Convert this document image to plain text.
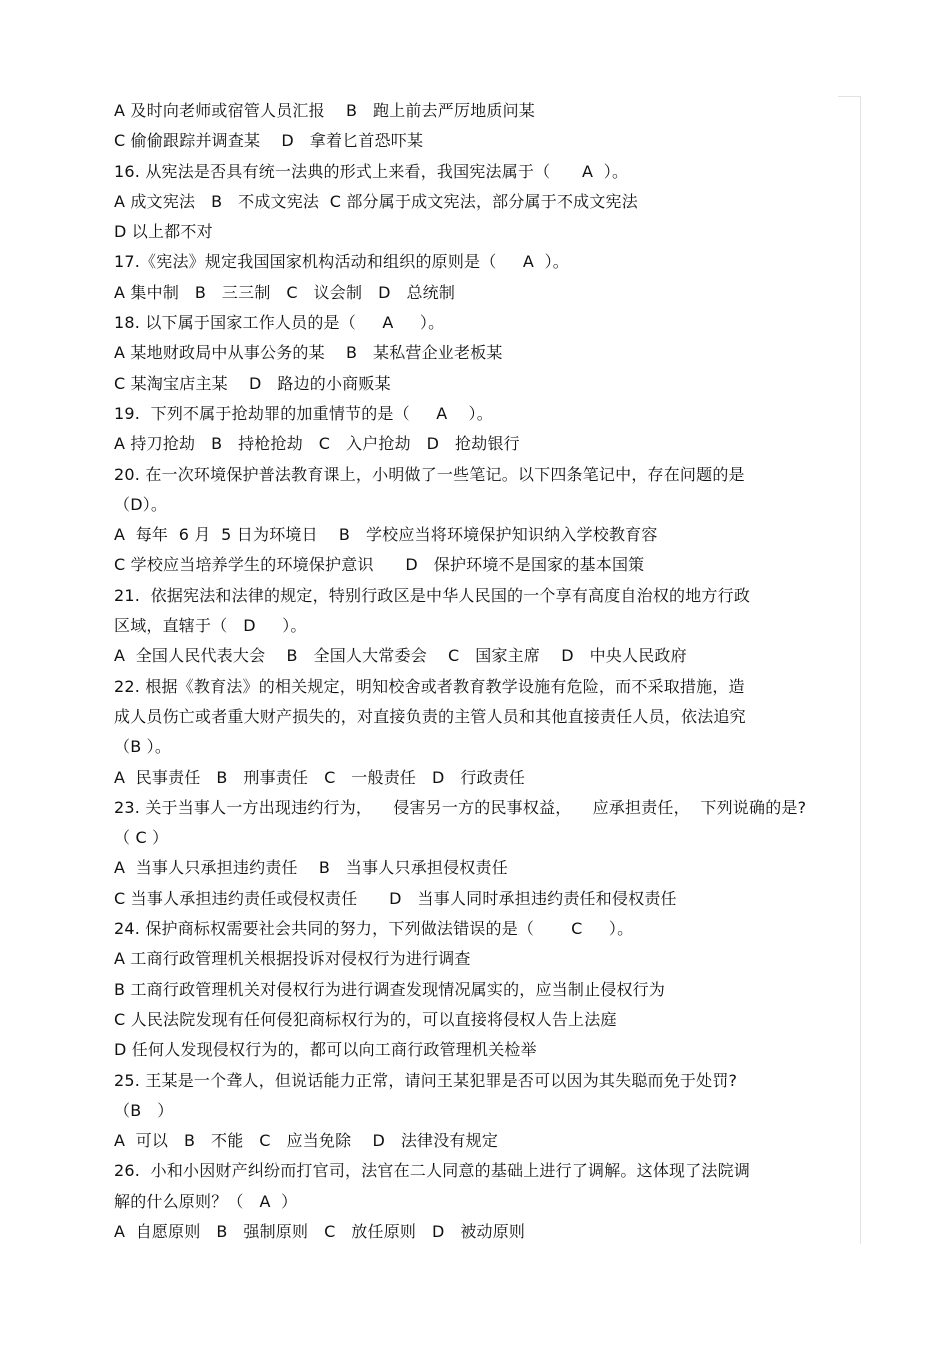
A 及时向老师或宿管人员汇报    B   跑上前去严厉地质问某
C 偷偷跟踪并调查某    D   拿着匕首恐吓某
16. 从宪法是否具有统一法典的形式上来看，我国宪法属于（      A  ）。
A 成文宪法   B   不成文宪法  C 部分属于成文宪法，部分属于不成文宪法
D 以上都不对
17.《宪法》规定我国国家机构活动和组织的原则是（     A  ）。
A 集中制   B   三三制   C   议会制   D   总统制
18. 以下属于国家工作人员的是（     A     ）。
A 某地财政局中从事公务的某    B   某私营企业老板某
C 某淘宝店主某    D   路边的小商贩某
19.  下列不属于抢劫罪的加重情节的是（     A    ）。
A 持刀抢劫   B   持枪抢劫   C   入户抢劫   D   抢劫银行
20. 在一次环境保护普法教育课上，小明做了一些笔记。以下四条笔记中，存在问题的是
（D）。
A  每年  6 月  5 日为环境日    B   学校应当将环境保护知识纳入学校教育容
C 学校应当培养学生的环境保护意识      D   保护环境不是国家的基本国策
21.  依据宪法和法律的规定，特别行政区是中华人民国的一个享有高度自治权的地方行政
区域，直辖于（   D     ）。
A  全国人民代表大会    B   全国人大常委会    C   国家主席    D   中央人民政府
22. 根据《教育法》的相关规定，明知校舍或者教育教学设施有危险，而不采取措施，造
成人员伤亡或者重大财产损失的，对直接负责的主管人员和其他直接责任人员，依法追究
（B ）。
A  民事责任   B   刑事责任   C   一般责任   D   行政责任
23. 关于当事人一方出现违约行为，    侵害另一方的民事权益，    应承担责任，  下列说确的是?
（ C ）
A  当事人只承担违约责任    B   当事人只承担侵权责任
C 当事人承担违约责任或侵权责任      D   当事人同时承担违约责任和侵权责任
24. 保护商标权需要社会共同的努力，下列做法错误的是（       C     ）。
A 工商行政管理机关根据投诉对侵权行为进行调查
B 工商行政管理机关对侵权行为进行调查发现情况属实的，应当制止侵权行为
C 人民法院发现有任何侵犯商标权行为的，可以直接将侵权人告上法庭
D 任何人发现侵权行为的，都可以向工商行政管理机关检举
25. 王某是一个聋人，但说话能力正常，请问王某犯罪是否可以因为其失聪而免于处罚?
（B   ）
A  可以   B   不能   C   应当免除    D   法律没有规定
26.  小和小因财产纠纷而打官司，法官在二人同意的基础上进行了调解。这体现了法院调
解的什么原则？（   A  ）
A  自愿原则   B   强制原则   C   放任原则   D   被动原则
